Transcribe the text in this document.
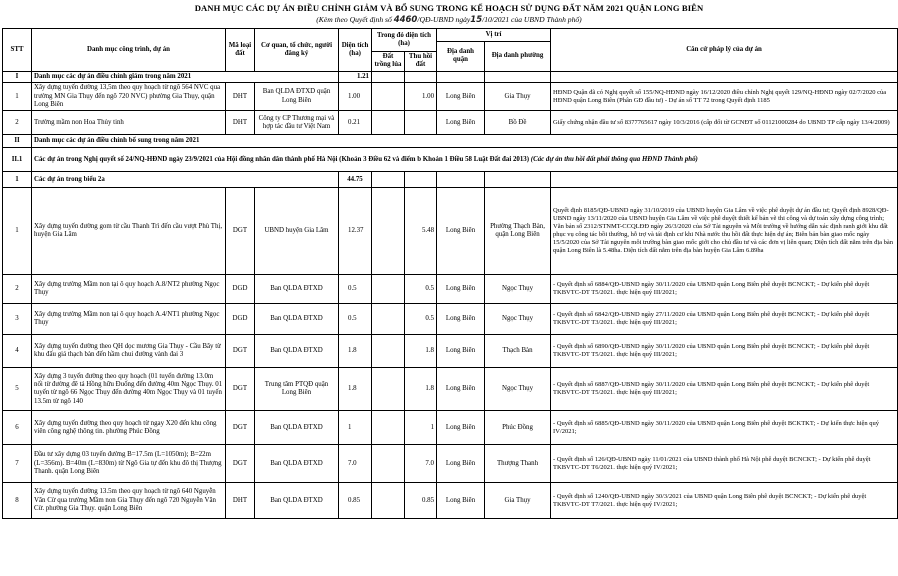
DANH MỤC CÁC DỰ ÁN ĐIỀU CHỈNH GIẢM VÀ BỔ SUNG TRONG KẾ HOẠCH SỬ DỤNG ĐẤT NĂM 2021 QUẬN LONG BIÊN
(Kèm theo Quyết định số 4460/QĐ-UBND ngày15/10/2021 của UBND Thành phố)
STT	Danh mục công trình, dự án	Mã loại đất	Cơ quan, tổ chức, người đăng ký	Diện tích (ha)	Trong đó diện tích (ha)		Vị trí		Căn cứ pháp lý của dự án
							Địa danh quận	Địa danh phường	
					Đất trồng lúa	Thu hồi đất			
I	Danh mục các dự án điều chỉnh giảm trong năm 2021			1.21					
1	Xây dựng tuyến đường 13,5m theo quy hoạch từ ngõ 564 NVC qua trường MN Gia Thụy đến ngõ 720 NVC) phường Gia Thụy, quận Long Biên	DHT	Ban QLDA ĐTXD quận Long Biên	1.00		1.00	Long Biên	Gia Thụy	HĐND Quận đã có Nghị quyết số 155/NQ-HĐND ngày 16/12/2020 điều chỉnh Nghị quyết 129/NQ-HĐND ngày 02/7/2020 của HĐND quận Long Biên (Phân GĐ đầu tư) - Dự án số TT 72 trong Quyết định 1185
2	Trường mầm non Hoa Thủy tinh	DHT	Công ty CP Thương mại và hợp tác đầu tư Việt Nam	0.21			Long Biên	Bồ Đề	Giấy chứng nhận đầu tư số 8377765617 ngày 10/3/2016 (cấp đổi từ GCNĐT số 01121000284 do UBND TP cấp ngày 13/4/2009)
II	Danh mục các dự án điều chỉnh bổ sung trong năm 2021								
II.1	Các dự án trong Nghị quyết số 24/NQ-HĐND ngày 23/9/2021 của Hội đồng nhân dân thành phố Hà Nội (Khoản 3 Điều 62 và điểm b Khoản 1 Điều 58 Luật Đất đai 2013) (Các dự án thu hồi đất phải thông qua HĐND Thành phố)								
1	Các dự án trong biểu 2a			44.75					
1	Xây dựng tuyến đường gom từ cầu Thanh Trì đến cầu vượt Phù Thị, huyện Gia Lâm	DGT	UBND huyện Gia Lâm	12.37		5.48	Long Biên	Phường Thạch Bàn, quận Long Biên	Quyết định 8185/QĐ-UBND ngày 31/10/2019 của UBND huyện Gia Lâm về việc phê duyệt dự án đầu tư; Quyết định 8928/QĐ-UBND ngày 13/11/2020 của UBND huyện Gia Lâm về việc phê duyệt thiết kế bản vẽ thi công và dự toán xây dựng công trình; Văn bản số 2312/STNMT-CCQLĐĐ ngày 26/3/2020 của Sở Tài nguyên và Môi trường về hướng dẫn xác định ranh giới khu đất phục vụ công tác bồi thường, hỗ trợ và tái định cư khi Nhà nước thu hồi đất thực hiện dự án; Biên bản bàn giao mốc ngày 15/5/2020 của Sở Tài nguyên môi trường bàn giao mốc giới cho chủ đầu tư và các đơn vị liên quan; Diện tích đất nằm trên địa bàn quận Long Biên là 5.48ha. Diện tích đất nằm trên địa bàn huyện Gia Lâm 6.89ha
2	Xây dựng trường Mầm non tại ô quy hoạch A.8/NT2 phường Ngọc Thụy	DGD	Ban QLDA ĐTXD	0.5		0.5	Long Biên	Ngọc Thụy	- Quyết định số 6884/QĐ-UBND ngày 30/11/2020 của UBND quận Long Biên phê duyệt BCNCKT; - Dự kiến phê duyệt TKBVTC-DT T5/2021. thực hiện quý III/2021;
3	Xây dựng trường Mầm non tại ô quy hoạch A.4/NT1 phường Ngọc Thụy	DGD	Ban QLDA ĐTXD	0.5		0.5	Long Biên	Ngọc Thụy	- Quyết định số 6842/QĐ-UBND ngày 27/11/2020 của UBND quận Long Biên phê duyệt BCNCKT; - Dự kiến phê duyệt TKBVTC-DT T3/2021. thực hiện quý III/2021;
4	Xây dựng tuyến đường theo QH dọc mương Gia Thụy - Cầu Bây từ khu đấu giá thạch bàn đến hầm chui đường vành đai 3	DGT	Ban QLDA ĐTXD	1.8		1.8	Long Biên	Thạch Bàn	- Quyết định số 6890/QĐ-UBND ngày 30/11/2020 của UBND quận Long Biên phê duyệt BCNCKT; - Dự kiến phê duyệt TKBVTC-DT T5/2021. thực hiện quý III/2021;
5	Xây dựng 3 tuyến đường theo quy hoạch (01 tuyến đường 13.0m nối từ đường đê tả Hồng hữu Đuống đến đường 40m Ngọc Thụy. 01 tuyến từ ngõ 66 Ngọc Thụy đến đường 40m Ngọc Thụy và 01 tuyến 13.5m từ ngõ 140	DGT	Trung tâm PTQĐ quận Long Biên	1.8		1.8	Long Biên	Ngọc Thụy	- Quyết định số 6887/QĐ-UBND ngày 30/11/2020 của UBND quận Long Biên phê duyệt BCNCKT; - Dự kiến phê duyệt TKBVTC-DT T5/2021. thực hiện quý III/2021;
6	Xây dựng tuyến đường theo quy hoạch từ ngay X20 đến khu công viên công nghệ thông tin. phường Phúc Đồng	DGT	Ban QLDA ĐTXD	1		1	Long Biên	Phúc Đồng	- Quyết định số 6885/QĐ-UBND ngày 30/11/2020 của UBND quận Long Biên phê duyệt BCKTKT; - Dự kiến thực hiện quý IV/2021;
7	Đầu tư xây dựng 03 tuyến đường B=17.5m (L=1050m); B=22m (L=356m). B=40m (L=830m) từ Ngõ Gia tự đến khu đô thị Thượng Thanh. quận Long Biên	DGT	Ban QLDA ĐTXD	7.0		7.0	Long Biên	Thượng Thanh	- Quyết định số 126/QĐ-UBND ngày 11/01/2021 của UBND thành phố Hà Nội phê duyệt BCNCKT; - Dự kiến phê duyệt TKBVTC-DT T6/2021. thực hiện quý IV/2021;
8	Xây dựng tuyến đường 13.5m theo quy hoạch từ ngõ 640 Nguyễn Văn Cừ qua trường Mầm non Gia Thụy đến ngõ 720 Nguyễn Văn Cừ. phường Gia Thụy. quận Long Biên	DHT	Ban QLDA ĐTXD	0.85		0.85	Long Biên	Gia Thụy	- Quyết định số 1240/QĐ-UBND ngày 30/3/2021 của UBND quận Long Biên phê duyệt BCNCKT; - Dự kiến phê duyệt TKBVTC-DT T7/2021. thực hiện quý IV/2021;
